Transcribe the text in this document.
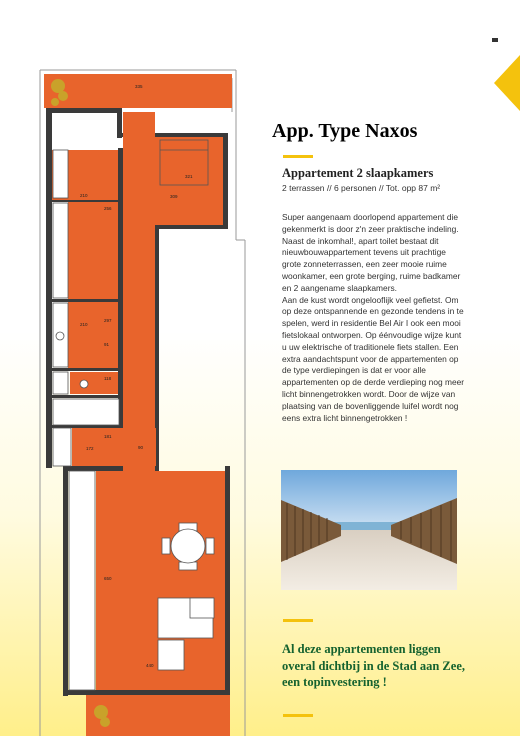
335
321
309
210
256
210
297
172
181
90
650
440
91
118
App. Type Naxos
Appartement 2 slaapkamers
2 terrassen // 6 personen // Tot. opp 87 m²

Super aangenaam doorlopend appartement die gekenmerkt is door z'n zeer praktische indeling. Naast de inkomhal!, apart toilet bestaat dit nieuwbouwappartement tevens uit prachtige grote zonneterrassen, een zeer mooie ruime woonkamer, een grote berging, ruime badkamer en 2 aangename slaapkamers.

Aan de kust wordt ongelooflijk veel gefietst. Om op deze ontspannende en gezonde tendens in te spelen, werd in residentie Bel Air I ook een mooi fietslokaal ontworpen. Op éénvoudige wijze kunt u uw elektrische of traditionele fiets stallen. Een extra aandachtspunt voor de appartementen op de type verdiepingen is dat er voor alle appartementen op de derde verdieping nog meer licht binnengetrokken wordt. Door de wijze van plaatsing van de bovenliggende luifel wordt nog eens extra licht binnengetrokken !

Al deze appartementen liggen overal dichtbij in de Stad aan Zee, een topinvestering !
